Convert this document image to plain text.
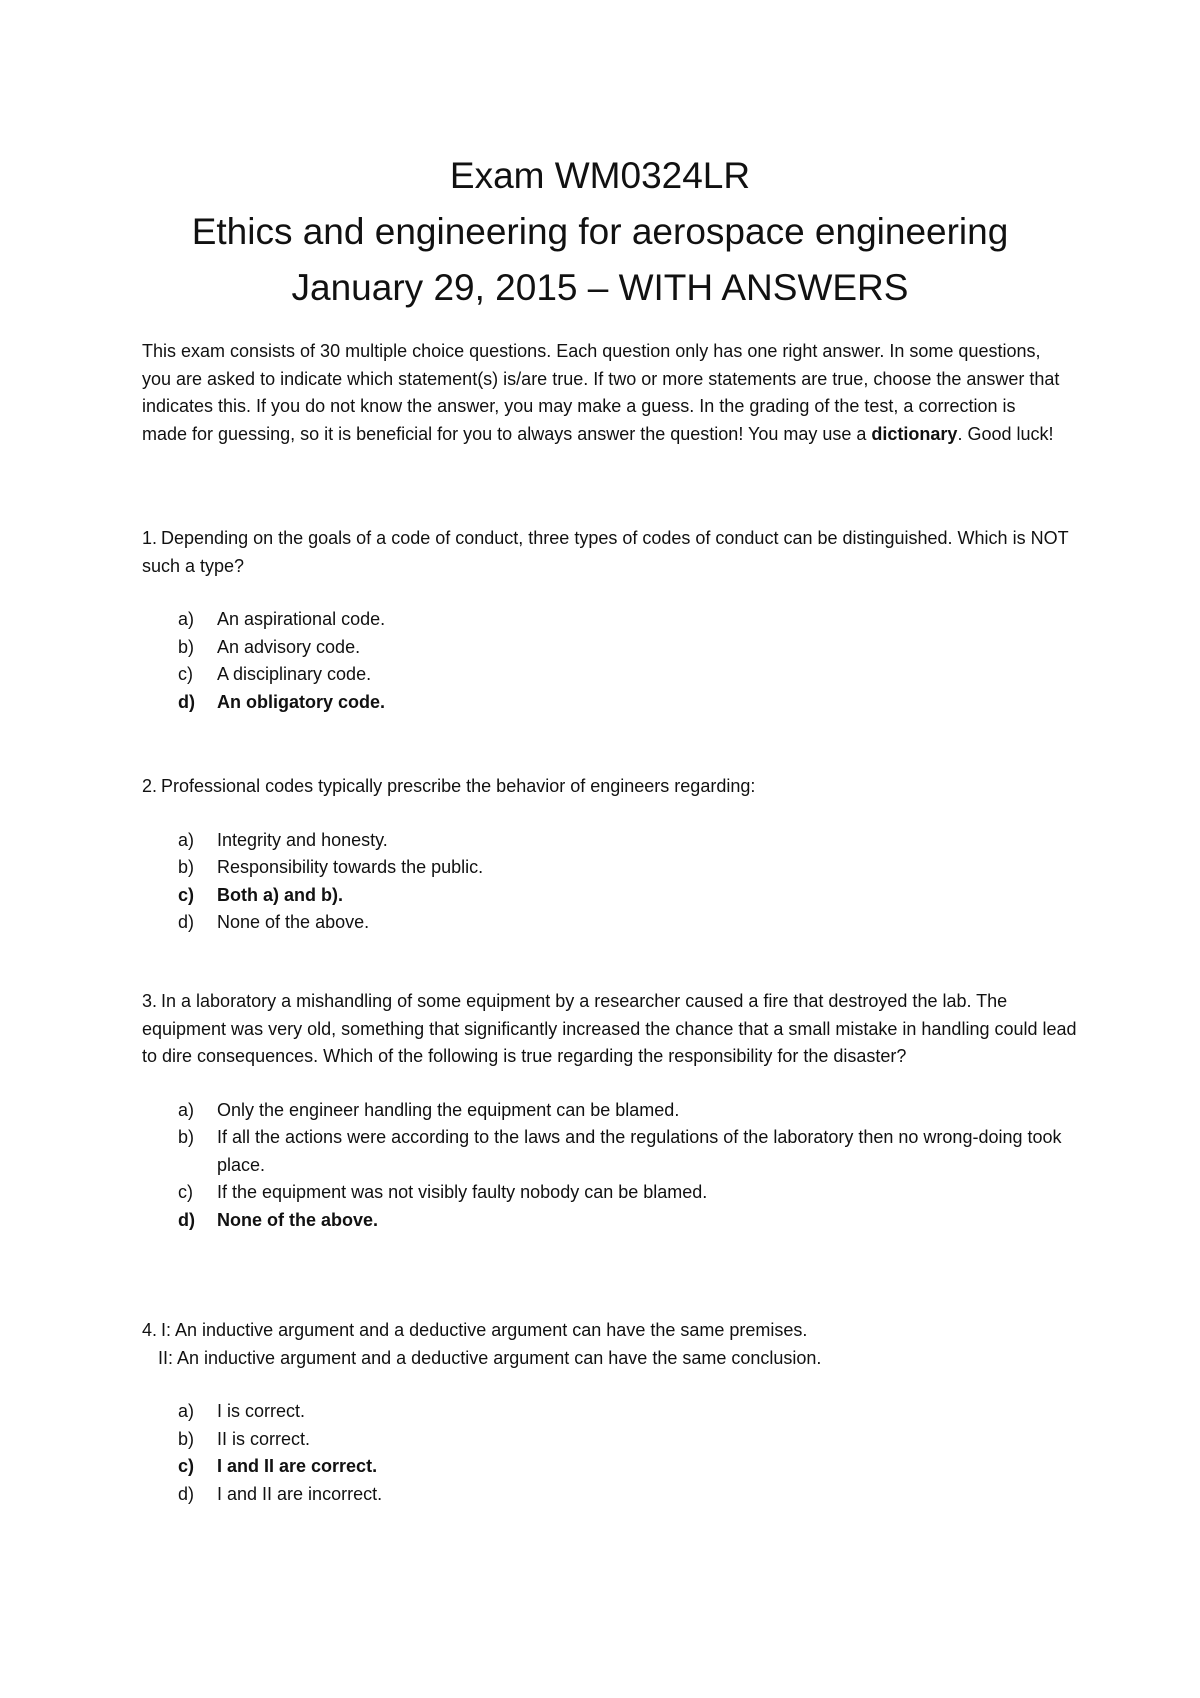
Exam WM0324LR

Ethics and engineering for aerospace engineering

January 29, 2015 – WITH ANSWERS

This exam consists of 30 multiple choice questions. Each question only has one right answer. In some questions, you are asked to indicate which statement(s) is/are true. If two or more statements are true, choose the answer that indicates this. If you do not know the answer, you may make a guess. In the grading of the test, a correction is made for guessing, so it is beneficial for you to always answer the question! You may use a dictionary. Good luck!

1. Depending on the goals of a code of conduct, three types of codes of conduct can be distinguished. Which is NOT such a type?

a) An aspirational code.
b) An advisory code.
c) A disciplinary code.
d) An obligatory code.

2. Professional codes typically prescribe the behavior of engineers regarding:

a) Integrity and honesty.
b) Responsibility towards the public.
c) Both a) and b).
d) None of the above.

3. In a laboratory a mishandling of some equipment by a researcher caused a fire that destroyed the lab. The equipment was very old, something that significantly increased the chance that a small mistake in handling could lead to dire consequences. Which of the following is true regarding the responsibility for the disaster?

a) Only the engineer handling the equipment can be blamed.
b) If all the actions were according to the laws and the regulations of the laboratory then no wrong-doing took place.
c) If the equipment was not visibly faulty nobody can be blamed.
d) None of the above.

4. I: An inductive argument and a deductive argument can have the same premises.

II: An inductive argument and a deductive argument can have the same conclusion.

a) I is correct.
b) II is correct.
c) I and II are correct.
d) I and II are incorrect.
